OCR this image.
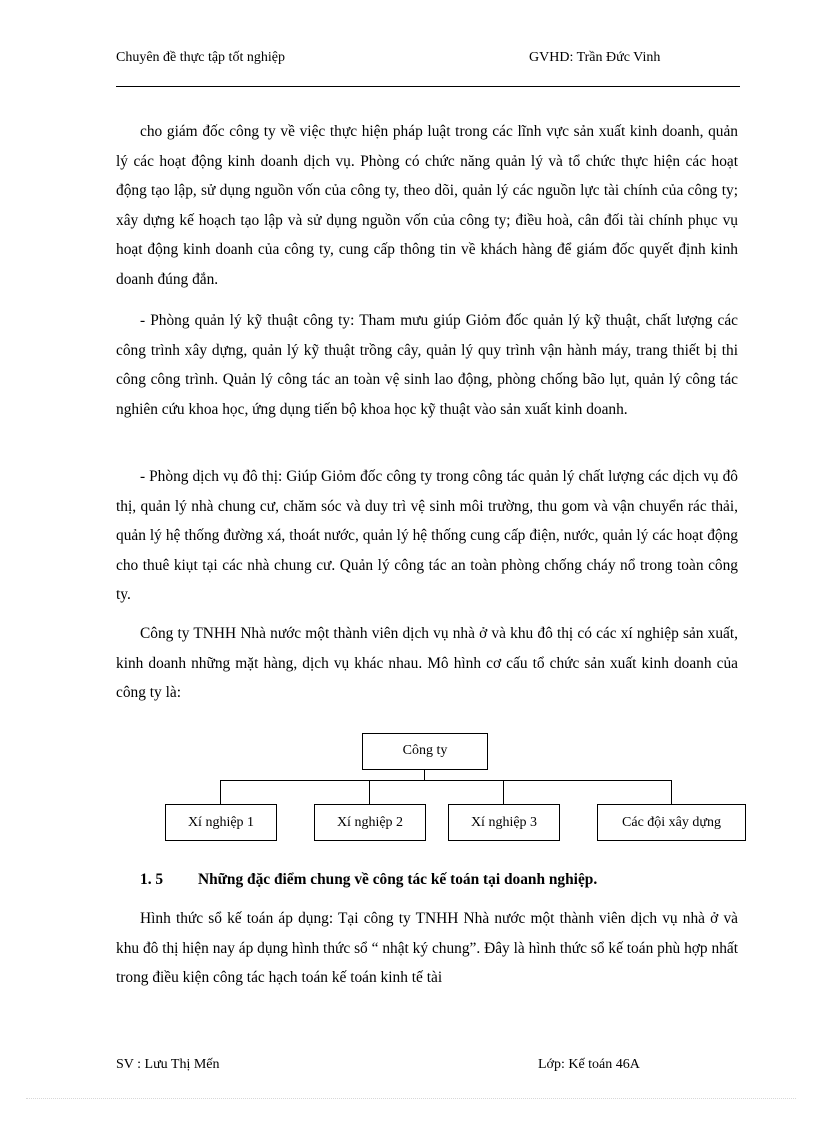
Chuyên đề thực tập tốt nghiệp	GVHD: Trần Đức Vinh

cho giám đốc công ty về việc thực hiện pháp luật trong các lĩnh vực sản xuất kinh doanh, quản lý các hoạt động kinh doanh dịch vụ. Phòng có chức năng quản lý và tổ chức thực hiện các hoạt động tạo lập, sử dụng nguồn vốn của công ty, theo dõi, quản lý các nguồn lực tài chính của công ty; xây dựng kế hoạch tạo lập và sử dụng nguồn vốn của công ty; điều hoà, cân đối tài chính phục vụ hoạt động kinh doanh của công ty, cung cấp thông tin về khách hàng để giám đốc quyết định kinh doanh đúng đắn.

- Phòng quản lý kỹ thuật công ty: Tham mưu giúp Giỏm đốc quản lý kỹ thuật, chất lượng các công trình xây dựng, quản lý kỹ thuật trồng cây, quản lý quy trình vận hành máy, trang thiết bị thi công công trình. Quản lý công tác an toàn vệ sinh lao động, phòng chống bão lụt, quản lý công tác nghiên cứu khoa học, ứng dụng tiến bộ khoa học kỹ thuật vào sản xuất kinh doanh.

- Phòng dịch vụ đô thị: Giúp Giỏm đốc công ty trong công tác quản lý chất lượng các dịch vụ đô thị, quản lý nhà chung cư, chăm sóc và duy trì vệ sinh môi trường, thu gom và vận chuyển rác thải, quản lý hệ thống đường xá, thoát nước, quản lý hệ thống cung cấp điện, nước, quản lý các hoạt động cho thuê kiụt tại các nhà chung cư. Quản lý công tác an toàn phòng chống cháy nổ trong toàn công ty.

Công ty TNHH Nhà nước một thành viên dịch vụ nhà ở và khu đô thị có các xí nghiệp sản xuất, kinh doanh những mặt hàng, dịch vụ khác nhau. Mô hình cơ cấu tổ chức sản xuất kinh doanh của công ty là:

Công ty
Xí nghiệp 1	Xí nghiệp 2	Xí nghiệp 3	Các đội xây dựng

1. 5 Những đặc điểm chung về công tác kế toán tại doanh nghiệp.

Hình thức sổ kế toán áp dụng: Tại công ty TNHH Nhà nước một thành viên dịch vụ nhà ở và khu đô thị hiện nay áp dụng hình thức sổ “ nhật ký chung”. Đây là hình thức sổ kế toán phù hợp nhất trong điều kiện công tác hạch toán kế toán kinh tế tài

SV : Lưu Thị Mến	Lớp: Kế toán 46A
